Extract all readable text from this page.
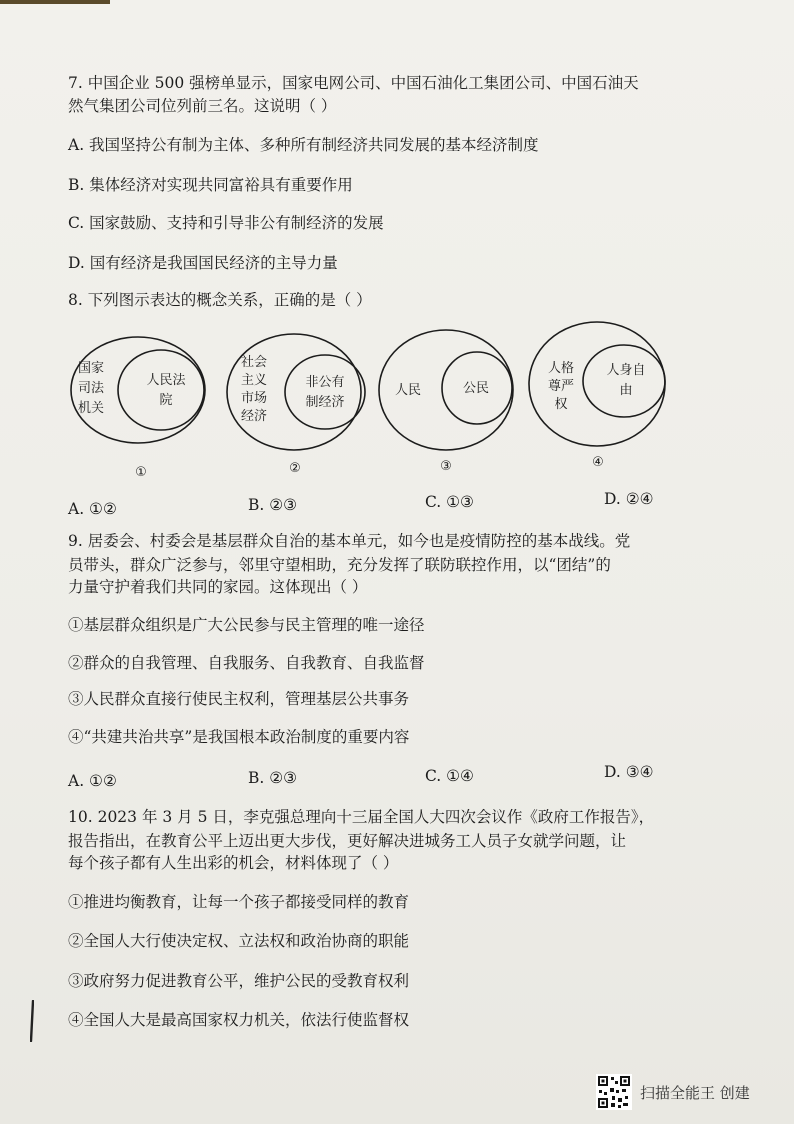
7. 中国企业 500 强榜单显示，国家电网公司、中国石油化工集团公司、中国石油天
然气集团公司位列前三名。这说明（ ）
A. 我国坚持公有制为主体、多种所有制经济共同发展的基本经济制度
B. 集体经济对实现共同富裕具有重要作用
C. 国家鼓励、支持和引导非公有制经济的发展
D. 国有经济是我国国民经济的主导力量
8. 下列图示表达的概念关系，正确的是（ ）
国家
司法
机关
人民法
院
①
社会
主义
市场
经济
非公有
制经济
②
人民	公民
③
人格
尊严
权
人身自
由
④
A. ①②	B. ②③	C. ①③	D. ②④
9. 居委会、村委会是基层群众自治的基本单元，如今也是疫情防控的基本战线。党
员带头，群众广泛参与，邻里守望相助，充分发挥了联防联控作用，以“团结”的
力量守护着我们共同的家园。这体现出（ ）
①基层群众组织是广大公民参与民主管理的唯一途径
②群众的自我管理、自我服务、自我教育、自我监督
③人民群众直接行使民主权利，管理基层公共事务
④“共建共治共享”是我国根本政治制度的重要内容
A. ①②	B. ②③	C. ①④	D. ③④
10. 2023 年 3 月 5 日，李克强总理向十三届全国人大四次会议作《政府工作报告》，
报告指出，在教育公平上迈出更大步伐，更好解决进城务工人员子女就学问题，让
每个孩子都有人生出彩的机会，材料体现了（ ）
①推进均衡教育，让每一个孩子都接受同样的教育
②全国人大行使决定权、立法权和政治协商的职能
③政府努力促进教育公平，维护公民的受教育权利
④全国人大是最高国家权力机关，依法行使监督权
扫描全能王 创建
